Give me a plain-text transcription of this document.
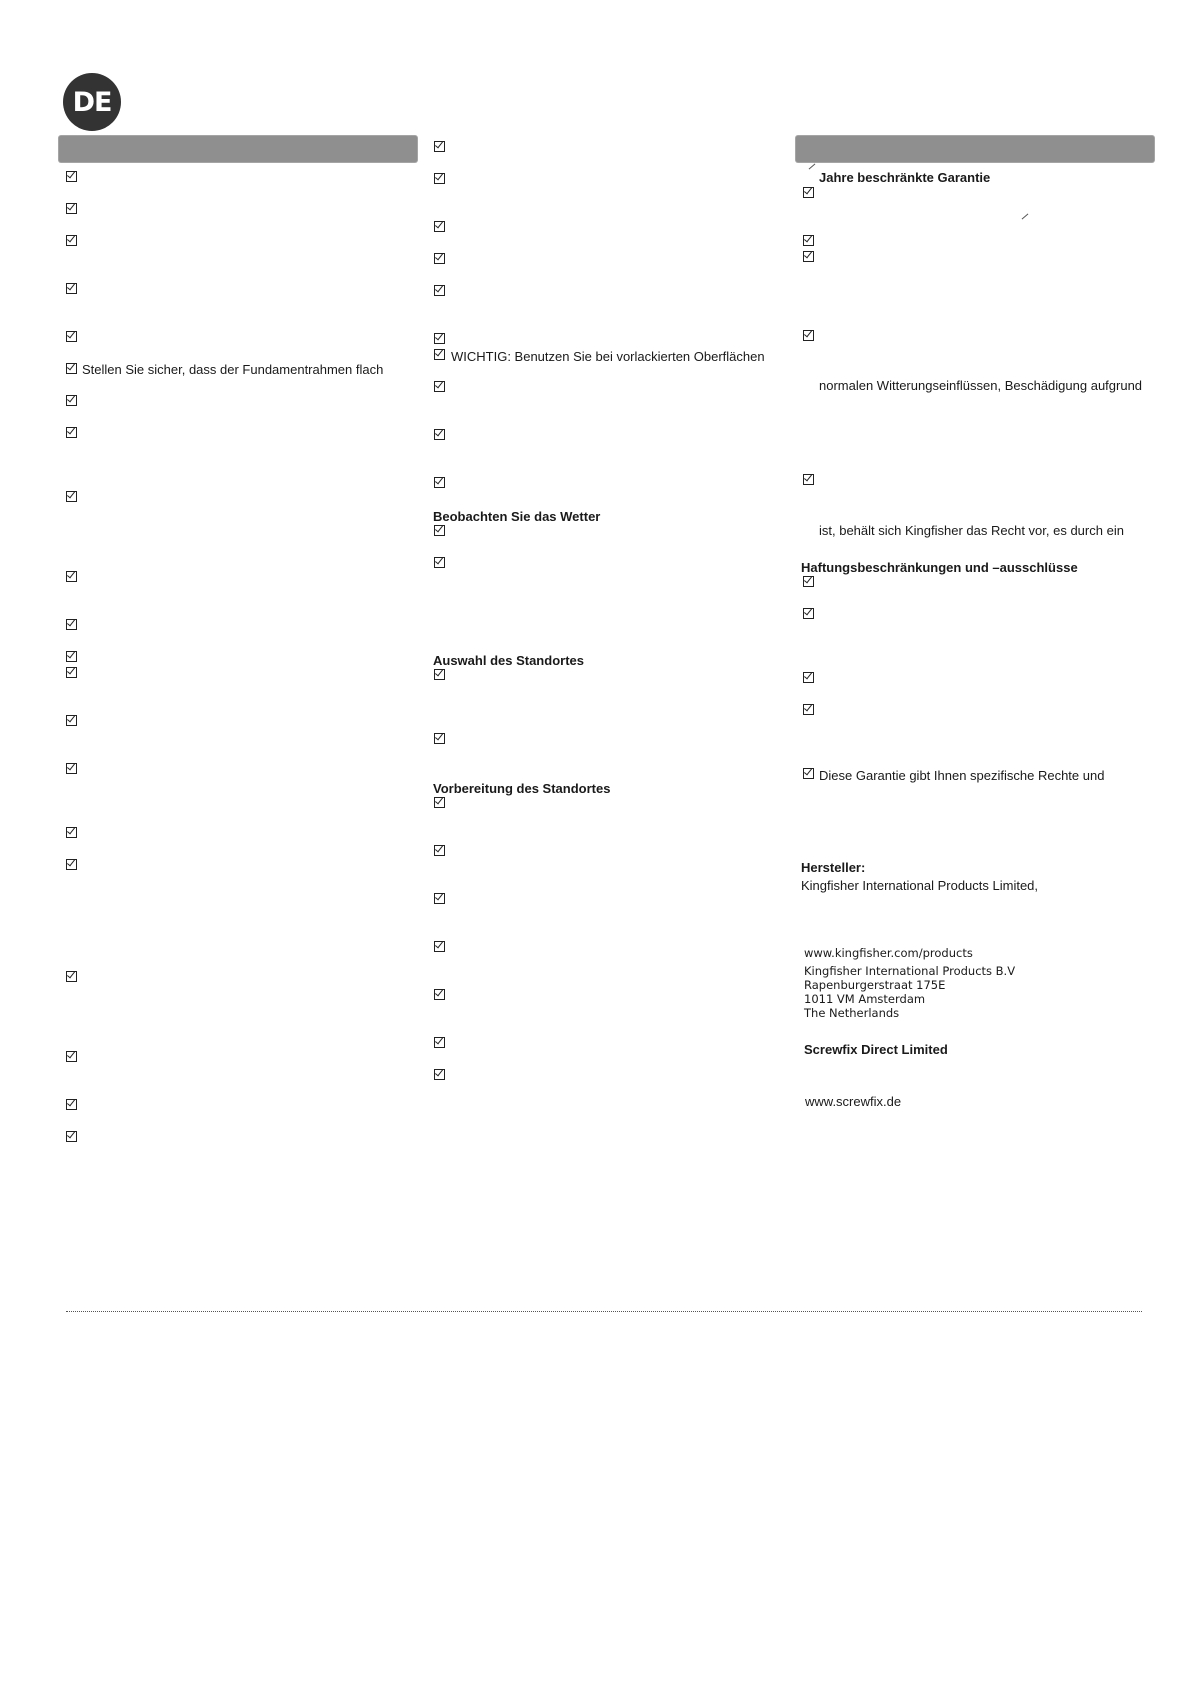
DE
Stellen Sie sicher, dass der Fundamentrahmen flach
WICHTIG: Benutzen Sie bei vorlackierten Oberflächen
Beobachten Sie das Wetter
Auswahl des Standortes
Vorbereitung des Standortes
Jahre beschränkte Garantie
normalen Witterungseinflüssen, Beschädigung aufgrund
ist, behält sich Kingfisher das Recht vor, es durch ein
Haftungsbeschränkungen und –ausschlüsse
Diese Garantie gibt Ihnen spezifische Rechte und
Hersteller:
Kingfisher International Products Limited,
www.kingfisher.com/products
Kingfisher International Products B.V
Rapenburgerstraat 175E
1011 VM Amsterdam
The Netherlands
Screwfix Direct Limited
www.screwfix.de
